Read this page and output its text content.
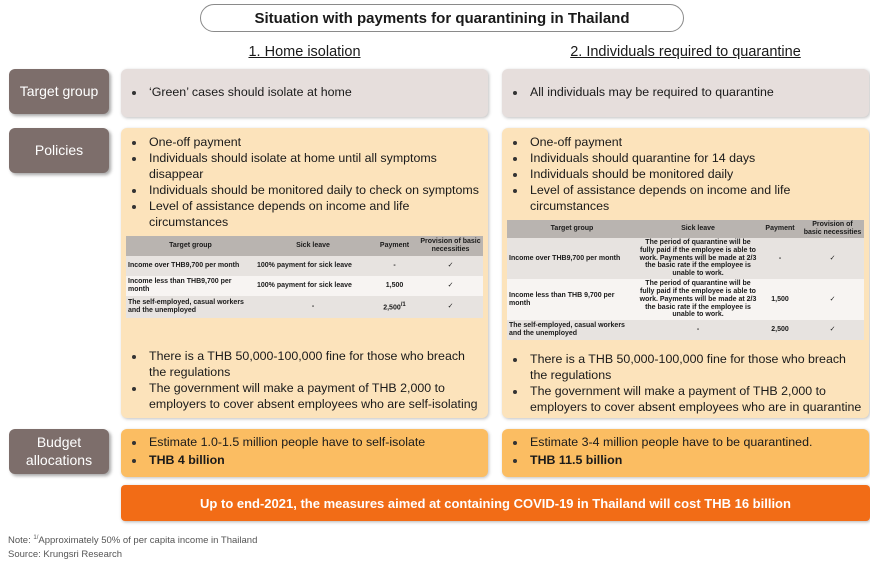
Situation with payments for quarantining in Thailand
1. Home isolation	2. Individuals required to quarantine
Target group
Policies
Budget allocations
‘Green’ cases should isolate at home	All individuals may be required to quarantine
One-off payment
Individuals should isolate at home until all symptoms disappear
Individuals should be monitored daily to check on symptoms
Level of assistance depends on income and life circumstances
Target group	Sick leave	Payment	Provision of basic necessities
Income over THB9,700 per month	100% payment for sick leave	-	✓
Income less than THB9,700 per month	100% payment for sick leave	1,500	✓
The self-employed, casual workers and the unemployed	-	$2,500^{/1}$	✓
There is a THB 50,000-100,000 fine for those who breach the regulations
The government will make a payment of THB 2,000 to employers to cover absent employees who are self-isolating
One-off payment
Individuals should quarantine for 14 days
Individuals should be monitored daily
Level of assistance depends on income and life circumstances
Target group	Sick leave	Payment	Provision of basic necessities
Income over THB9,700 per month	The period of quarantine will be fully paid if the employee is able to work. Payments will be made at 2/3 the basic rate if the employee is unable to work.	-	✓
Income less than THB 9,700 per month	The period of quarantine will be fully paid if the employee is able to work. Payments will be made at 2/3 the basic rate if the employee is unable to work.	1,500	✓
The self-employed, casual workers and the unemployed	-	2,500	✓
There is a THB 50,000-100,000 fine for those who breach the regulations
The government will make a payment of THB 2,000 to employers to cover absent employees who are in quarantine
Estimate 1.0-1.5 million people have to self-isolate
THB 4 billion
Estimate 3-4 million people have to be quarantined.
THB 11.5 billion
Up to end-2021, the measures aimed at containing COVID-19 in Thailand will cost THB 16 billion
Note: $^{1/}$Approximately 50% of per capita income in Thailand
Source: Krungsri Research
